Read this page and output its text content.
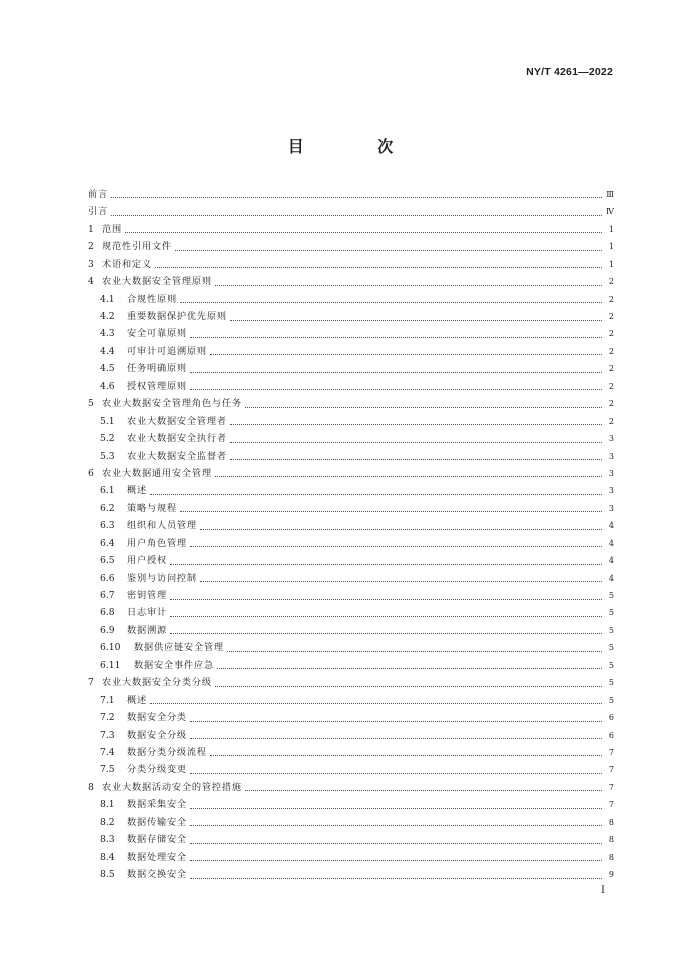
NY/T 4261—2022
目 次
前言	Ⅲ
引言	Ⅳ
1 范围	1
2 规范性引用文件	1
3 术语和定义	1
4 农业大数据安全管理原则	2
4.1	合规性原则	2
4.2	重要数据保护优先原则	2
4.3	安全可靠原则	2
4.4	可审计可追溯原则	2
4.5	任务明确原则	2
4.6	授权管理原则	2
5 农业大数据安全管理角色与任务	2
5.1	农业大数据安全管理者	2
5.2	农业大数据安全执行者	3
5.3	农业大数据安全监督者	3
6 农业大数据通用安全管理	3
6.1	概述	3
6.2	策略与规程	3
6.3	组织和人员管理	4
6.4	用户角色管理	4
6.5	用户授权	4
6.6	鉴别与访问控制	4
6.7	密钥管理	5
6.8	日志审计	5
6.9	数据溯源	5
6.10	数据供应链安全管理	5
6.11	数据安全事件应急	5
7 农业大数据安全分类分级	5
7.1	概述	5
7.2	数据安全分类	6
7.3	数据安全分级	6
7.4	数据分类分级流程	7
7.5	分类分级变更	7
8 农业大数据活动安全的管控措施	7
8.1	数据采集安全	7
8.2	数据传输安全	8
8.3	数据存储安全	8
8.4	数据处理安全	8
8.5	数据交换安全	9
Ⅰ
